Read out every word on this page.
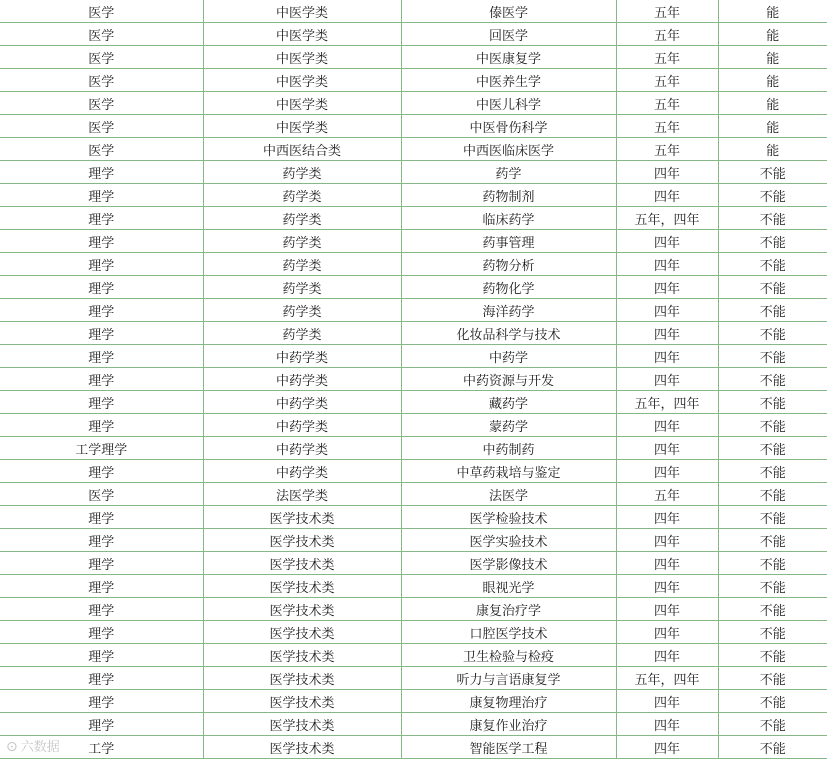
医学	中医学类	傣医学	五年	能
医学	中医学类	回医学	五年	能
医学	中医学类	中医康复学	五年	能
医学	中医学类	中医养生学	五年	能
医学	中医学类	中医儿科学	五年	能
医学	中医学类	中医骨伤科学	五年	能
医学	中西医结合类	中西医临床医学	五年	能
理学	药学类	药学	四年	不能
理学	药学类	药物制剂	四年	不能
理学	药学类	临床药学	五年，四年	不能
理学	药学类	药事管理	四年	不能
理学	药学类	药物分析	四年	不能
理学	药学类	药物化学	四年	不能
理学	药学类	海洋药学	四年	不能
理学	药学类	化妆品科学与技术	四年	不能
理学	中药学类	中药学	四年	不能
理学	中药学类	中药资源与开发	四年	不能
理学	中药学类	藏药学	五年，四年	不能
理学	中药学类	蒙药学	四年	不能
工学理学	中药学类	中药制药	四年	不能
理学	中药学类	中草药栽培与鉴定	四年	不能
医学	法医学类	法医学	五年	不能
理学	医学技术类	医学检验技术	四年	不能
理学	医学技术类	医学实验技术	四年	不能
理学	医学技术类	医学影像技术	四年	不能
理学	医学技术类	眼视光学	四年	不能
理学	医学技术类	康复治疗学	四年	不能
理学	医学技术类	口腔医学技术	四年	不能
理学	医学技术类	卫生检验与检疫	四年	不能
理学	医学技术类	听力与言语康复学	五年，四年	不能
理学	医学技术类	康复物理治疗	四年	不能
理学	医学技术类	康复作业治疗	四年	不能
工学	医学技术类	智能医学工程	四年	不能
⊙ 六数据
